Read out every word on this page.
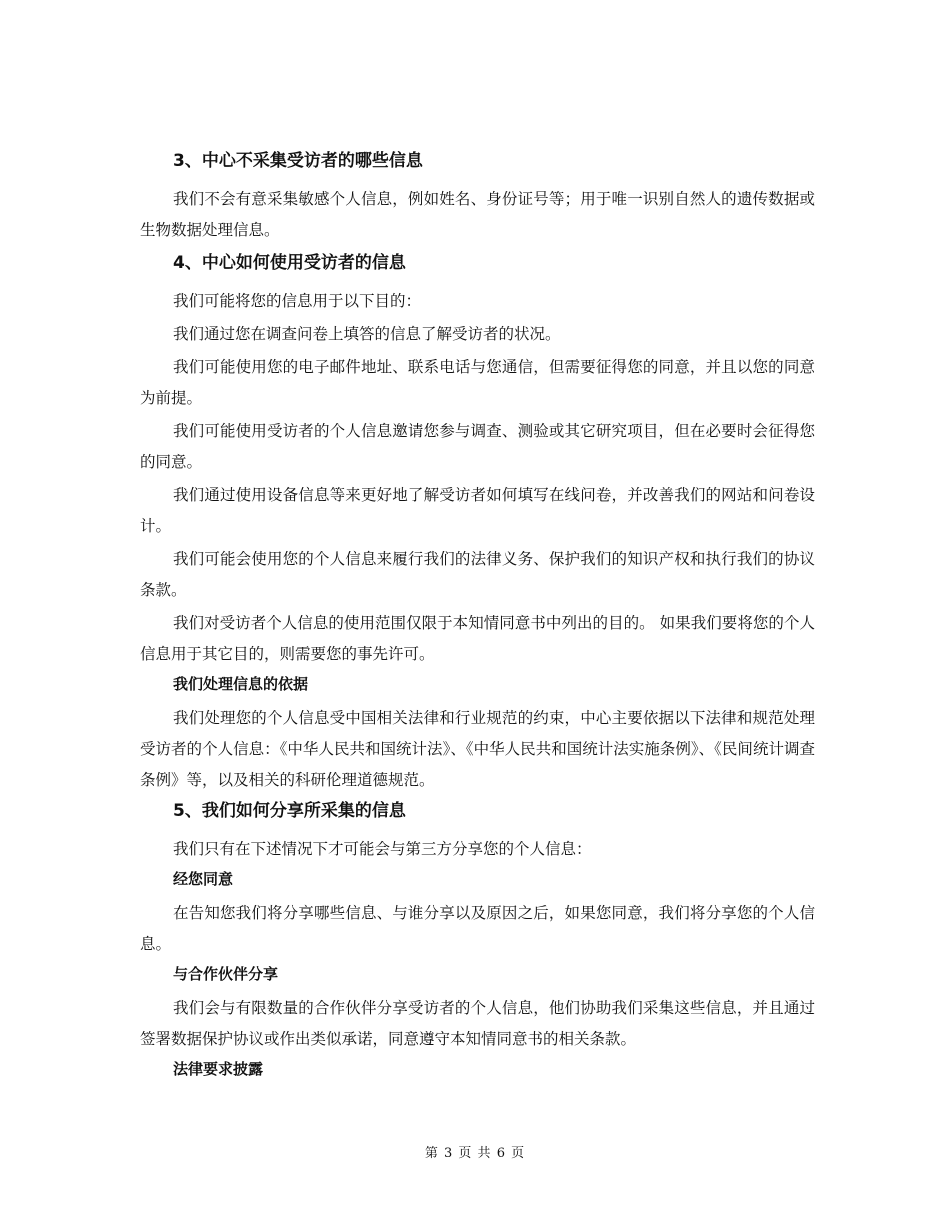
3、中心不采集受访者的哪些信息
我们不会有意采集敏感个人信息，例如姓名、身份证号等；用于唯一识别自然人的遗传数据或生物数据处理信息。
4、中心如何使用受访者的信息
我们可能将您的信息用于以下目的：
我们通过您在调查问卷上填答的信息了解受访者的状况。
我们可能使用您的电子邮件地址、联系电话与您通信，但需要征得您的同意，并且以您的同意为前提。
我们可能使用受访者的个人信息邀请您参与调查、测验或其它研究项目，但在必要时会征得您的同意。
我们通过使用设备信息等来更好地了解受访者如何填写在线问卷，并改善我们的网站和问卷设计。
我们可能会使用您的个人信息来履行我们的法律义务、保护我们的知识产权和执行我们的协议条款。
我们对受访者个人信息的使用范围仅限于本知情同意书中列出的目的。 如果我们要将您的个人信息用于其它目的，则需要您的事先许可。
我们处理信息的依据
我们处理您的个人信息受中国相关法律和行业规范的约束，中心主要依据以下法律和规范处理受访者的个人信息：《中华人民共和国统计法》、《中华人民共和国统计法实施条例》、《民间统计调查条例》等，以及相关的科研伦理道德规范。
5、我们如何分享所采集的信息
我们只有在下述情况下才可能会与第三方分享您的个人信息：
经您同意
在告知您我们将分享哪些信息、与谁分享以及原因之后，如果您同意，我们将分享您的个人信息。
与合作伙伴分享
我们会与有限数量的合作伙伴分享受访者的个人信息，他们协助我们采集这些信息，并且通过签署数据保护协议或作出类似承诺，同意遵守本知情同意书的相关条款。
法律要求披露
第 3 页 共 6 页
